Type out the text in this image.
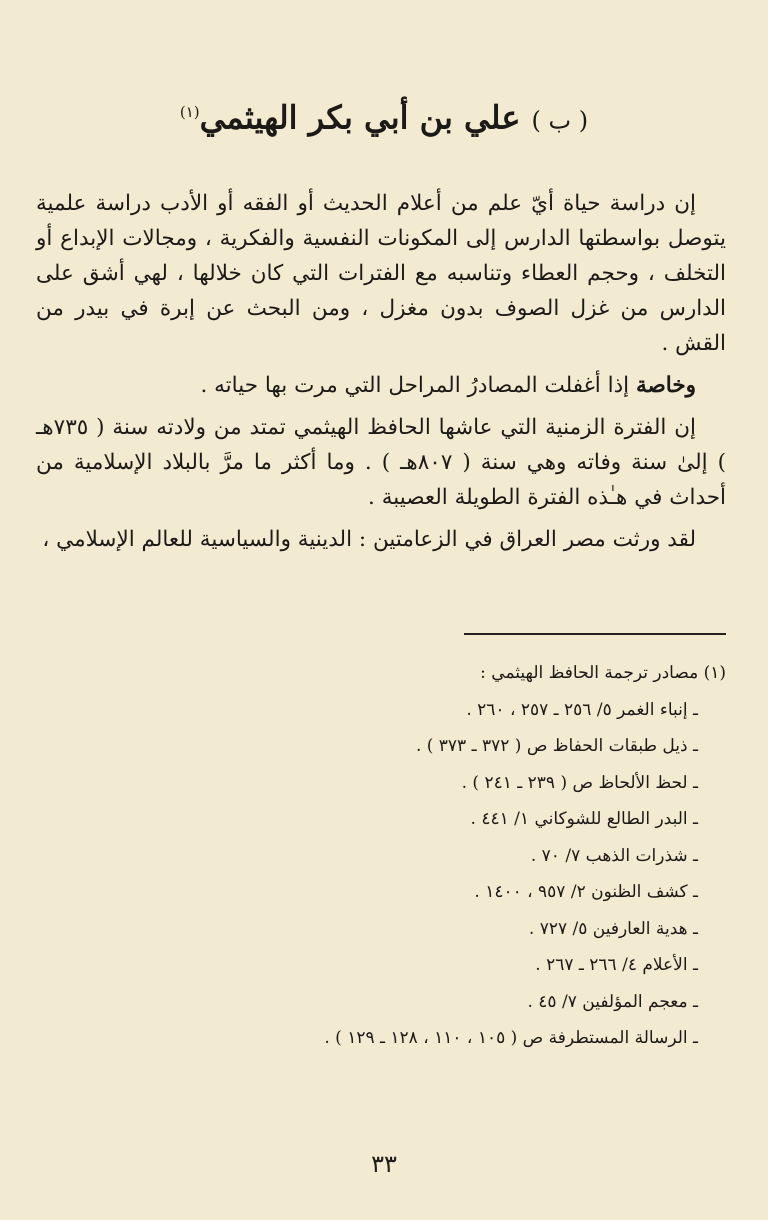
( ب ) علي بن أبي بكر الهيثمي$^{(١)}$

إن دراسة حياة أيّ علم من أعلام الحديث أو الفقه أو الأدب دراسة علمية يتوصل بواسطتها الدارس إلى المكونات النفسية والفكرية ، ومجالات الإبداع أو التخلف ، وحجم العطاء وتناسبه مع الفترات التي كان خلالها ، لهي أشق على الدارس من غزل الصوف بدون مغزل ، ومن البحث عن إبرة في بيدر من القش .

وخاصة إذا أغفلت المصادرُ المراحل التي مرت بها حياته .

إن الفترة الزمنية التي عاشها الحافظ الهيثمي تمتد من ولادته سنة ( ٧٣٥هـ ) إلىٰ سنة وفاته وهي سنة ( ٨٠٧هـ ) . وما أكثر ما مرَّ بالبلاد الإسلامية من أحداث في هـٰذه الفترة الطويلة العصيبة .

لقد ورثت مصر العراق في الزعامتين : الدينية والسياسية للعالم الإسلامي ،

(١) مصادر ترجمة الحافظ الهيثمي :

ـ إنباء الغمر ٥/ ٢٥٦ ـ ٢٥٧ ، ٢٦٠ .
ـ ذيل طبقات الحفاظ ص ( ٣٧٢ ـ ٣٧٣ ) .
ـ لحظ الألحاظ ص ( ٢٣٩ ـ ٢٤١ ) .
ـ البدر الطالع للشوكاني ١/ ٤٤١ .
ـ شذرات الذهب ٧/ ٧٠ .
ـ كشف الظنون ٢/ ٩٥٧ ، ١٤٠٠ .
ـ هدية العارفين ٥/ ٧٢٧ .
ـ الأعلام ٤/ ٢٦٦ ـ ٢٦٧ .
ـ معجم المؤلفين ٧/ ٤٥ .
ـ الرسالة المستطرفة ص ( ١٠٥ ، ١١٠ ، ١٢٨ ـ ١٢٩ ) .
٣٣
